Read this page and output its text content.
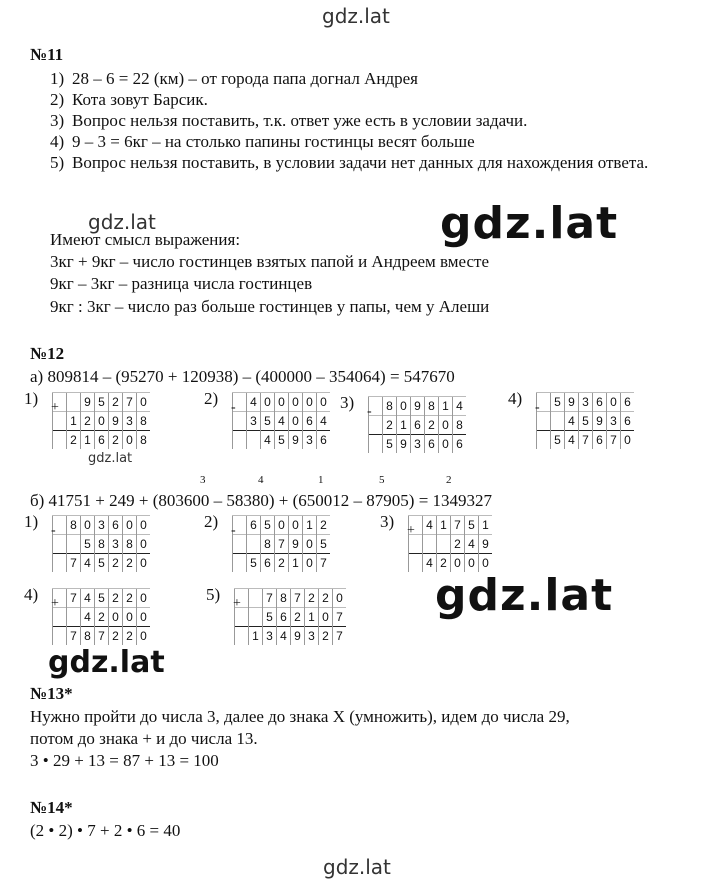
gdz.lat
gdz.lat	gdz.lat
gdz.lat
gdz.lat
gdz.lat
gdz.lat
№11
1) 28 – 6 = 22 (км) – от города папа догнал Андрея
2) Кота зовут Барсик.
3) Вопрос нельзя поставить, т.к. ответ уже есть в условии задачи.
4) 9 – 3 = 6кг – на столько папины гостинцы весят больше
5) Вопрос нельзя поставить, в условии задачи нет данных для нахождения ответа.
Имеют смысл выражения:
3кг + 9кг – число гостинцев взятых папой и Андреем вместе
9кг – 3кг – разница числа гостинцев
9кг : 3кг – число раз больше гостинцев у папы, чем у Алеши
№12
а) 809814 – (95270 + 120938) – (400000 – 354064) = 547670
1) +
		9	5	2	7	0
	1	2	0	9	3	8
	2	1	6	2	0	8
2) -
	4	0	0	0	0	0
	3	5	4	0	6	4
		4	5	9	3	6
3) -
	8	0	9	8	1	4
	2	1	6	2	0	8
	5	9	3	6	0	6
4) -
	5	9	3	6	0	6
		4	5	9	3	6
	5	4	7	6	7	0
3	4	1	5	2
б) 41751 + 249 + (803600 – 58380) + (650012 – 87905) = 1349327
1) -
	8	0	3	6	0	0
		5	8	3	8	0
	7	4	5	2	2	0
2) -
	6	5	0	0	1	2
		8	7	9	0	5
	5	6	2	1	0	7
3) +
	4	1	7	5	1
			2	4	9
	4	2	0	0	0
4) +
	7	4	5	2	2	0
		4	2	0	0	0
	7	8	7	2	2	0
5) +
		7	8	7	2	2	0
		5	6	2	1	0	7
	1	3	4	9	3	2	7
№13*
Нужно пройти до числа 3, далее до знака X (умножить), идем до числа 29,
потом до знака + и до числа 13.
3 • 29 + 13 = 87 + 13 = 100
№14*
(2 • 2) • 7 + 2 • 6 = 40
